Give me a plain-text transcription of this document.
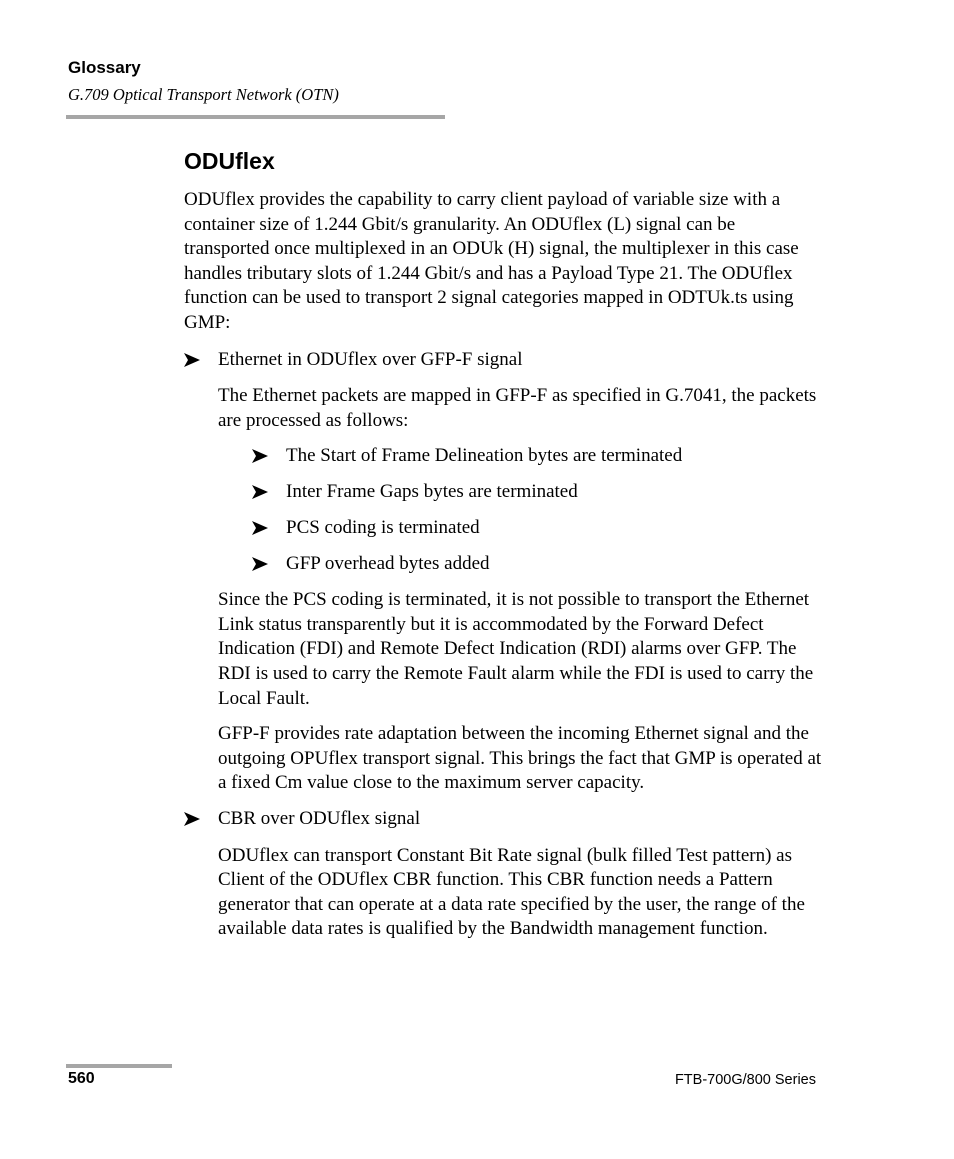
Glossary
G.709 Optical Transport Network (OTN)
ODUflex

ODUflex provides the capability to carry client payload of variable size with a container size of 1.244 Gbit/s granularity. An ODUflex (L) signal can be transported once multiplexed in an ODUk (H) signal, the multiplexer in this case handles tributary slots of 1.244 Gbit/s and has a Payload Type 21. The ODUflex function can be used to transport 2 signal categories mapped in ODTUk.ts using GMP:

Ethernet in ODUflex over GFP-F signal

The Ethernet packets are mapped in GFP-F as specified in G.7041, the packets are processed as follows:

The Start of Frame Delineation bytes are terminated
Inter Frame Gaps bytes are terminated
PCS coding is terminated
GFP overhead bytes added

Since the PCS coding is terminated, it is not possible to transport the Ethernet Link status transparently but it is accommodated by the Forward Defect Indication (FDI) and Remote Defect Indication (RDI) alarms over GFP. The RDI is used to carry the Remote Fault alarm while the FDI is used to carry the Local Fault.

GFP-F provides rate adaptation between the incoming Ethernet signal and the outgoing OPUflex transport signal. This brings the fact that GMP is operated at a fixed Cm value close to the maximum server capacity.

CBR over ODUflex signal

ODUflex can transport Constant Bit Rate signal (bulk filled Test pattern) as Client of the ODUflex CBR function. This CBR function needs a Pattern generator that can operate at a data rate specified by the user, the range of the available data rates is qualified by the Bandwidth management function.

560	FTB-700G/800 Series
